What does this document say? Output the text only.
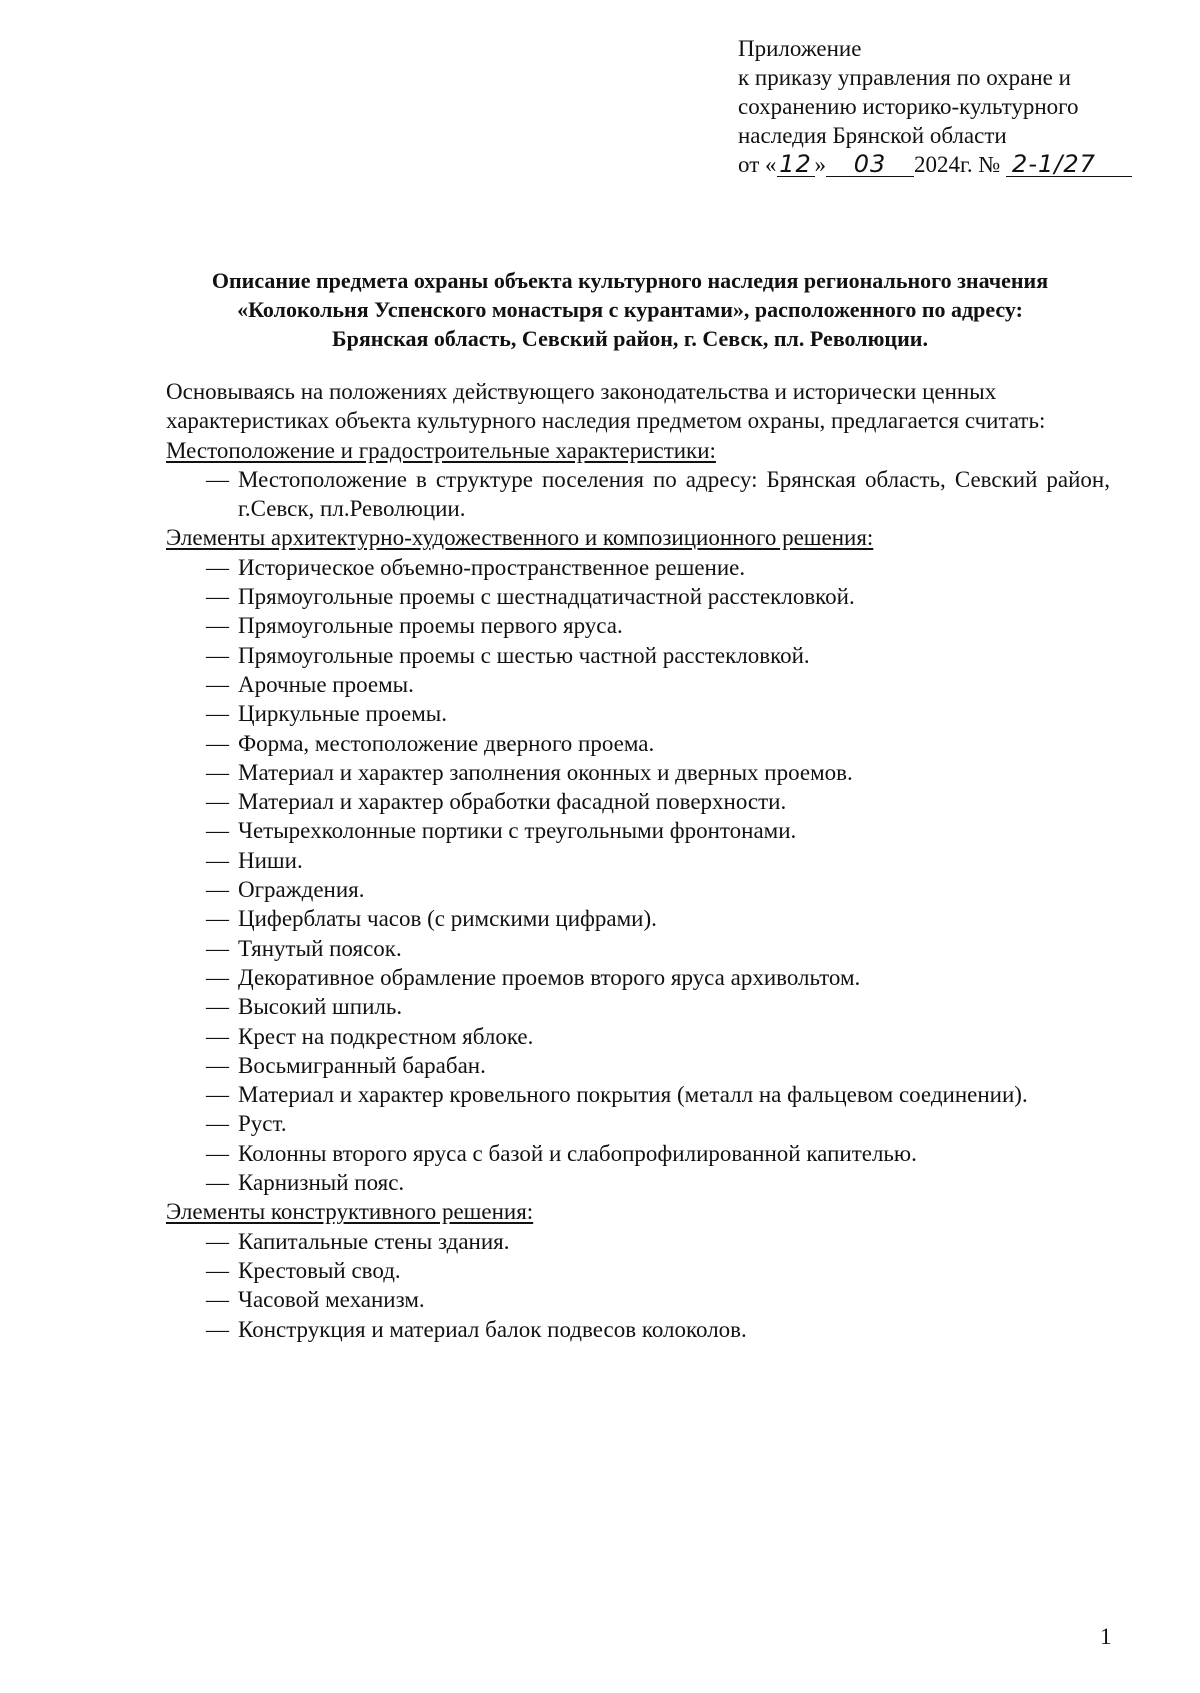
Приложение
к приказу управления по охране и
сохранению историко-культурного
наследия Брянской области
от « 12 » 03 2024г. № 2-1/27
Описание предмета охраны объекта культурного наследия регионального значения
«Колокольня Успенского монастыря с курантами», расположенного по адресу:
Брянская область, Севский район, г. Севск, пл. Революции.

Основываясь на положениях действующего законодательства и исторически ценных характеристиках объекта культурного наследия предметом охраны, предлагается считать:

Местоположение и градостроительные характеристики:

— Местоположение в структуре поселения по адресу: Брянская область, Севский район, г.Севск, пл.Революции.

Элементы архитектурно-художественного и композиционного решения:

— Историческое объемно-пространственное решение.

— Прямоугольные проемы с шестнадцатичастной расстекловкой.

— Прямоугольные проемы первого яруса.

— Прямоугольные проемы с шестью частной расстекловкой.

— Арочные проемы.

— Циркульные проемы.

— Форма, местоположение дверного проема.

— Материал и характер заполнения оконных и дверных проемов.

— Материал и характер обработки фасадной поверхности.

— Четырехколонные портики с треугольными фронтонами.

— Ниши.

— Ограждения.

— Циферблаты часов (с римскими цифрами).

— Тянутый поясок.

— Декоративное обрамление проемов второго яруса архивольтом.

— Высокий шпиль.

— Крест на подкрестном яблоке.

— Восьмигранный барабан.

— Материал и характер кровельного покрытия (металл на фальцевом соединении).

— Руст.

— Колонны второго яруса с базой и слабопрофилированной капителью.

— Карнизный пояс.

Элементы конструктивного решения:

— Капитальные стены здания.

— Крестовый свод.

— Часовой механизм.

— Конструкция и материал балок подвесов колоколов.

1
